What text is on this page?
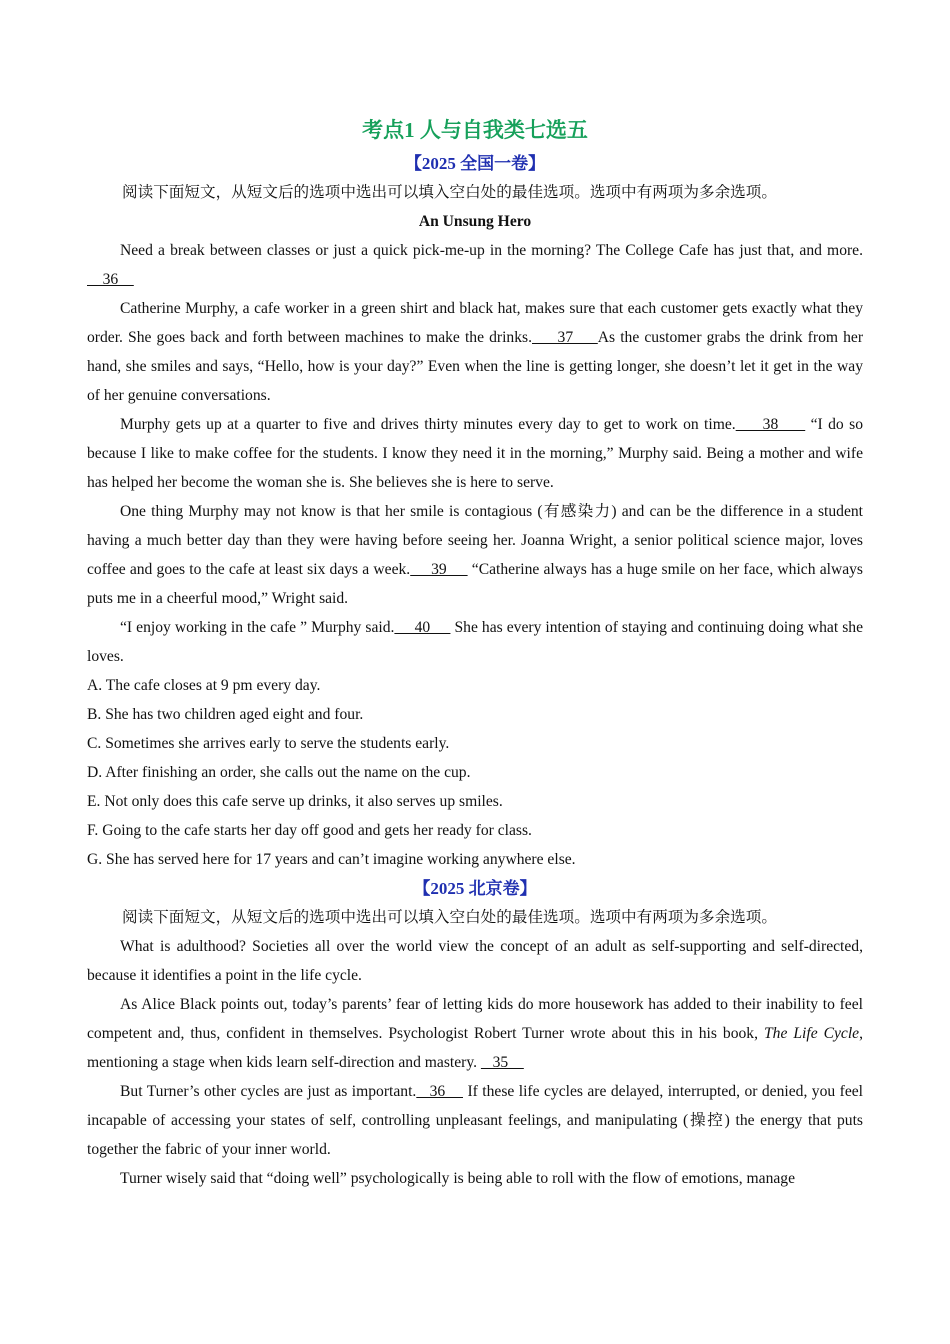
考点1 人与自我类七选五
【2025 全国一卷】

阅读下面短文，从短文后的选项中选出可以填入空白处的最佳选项。选项中有两项为多余选项。

An Unsung Hero

Need a break between classes or just a quick pick-me-up in the morning? The College Cafe has just that, and more.     36

Catherine Murphy, a cafe worker in a green shirt and black hat, makes sure that each customer gets exactly what they order. She goes back and forth between machines to make the drinks.     37     As the customer grabs the drink from her hand, she smiles and says, “Hello, how is your day?” Even when the line is getting longer, she doesn’t let it get in the way of her genuine conversations.

Murphy gets up at a quarter to five and drives thirty minutes every day to get to work on time.     38      “I do so because I like to make coffee for the students. I know they need it in the morning,” Murphy said. Being a mother and wife has helped her become the woman she is. She believes she is here to serve.

One thing Murphy may not know is that her smile is contagious (有感染力) and can be the difference in a student having a much better day than they were having before seeing her. Joanna Wright, a senior political science major, loves coffee and goes to the cafe at least six days a week.     39      “Catherine always has a huge smile on her face, which always puts me in a cheerful mood,” Wright said.

“I enjoy working in the cafe ” Murphy said.     40      She has every intention of staying and continuing doing what she loves.

A. The cafe closes at 9 pm every day.

B. She has two children aged eight and four.

C. Sometimes she arrives early to serve the students early.

D. After finishing an order, she calls out the name on the cup.

E. Not only does this cafe serve up drinks, it also serves up smiles.

F. Going to the cafe starts her day off good and gets her ready for class.

G. She has served here for 17 years and can’t imagine working anywhere else.

【2025 北京卷】

阅读下面短文，从短文后的选项中选出可以填入空白处的最佳选项。选项中有两项为多余选项。

What is adulthood? Societies all over the world view the concept of an adult as self-supporting and self-directed, because it identifies a point in the life cycle.

As Alice Black points out, today’s parents’ fear of letting kids do more housework has added to their inability to feel competent and, thus, confident in themselves. Psychologist Robert Turner wrote about this in his book, The Life Cycle, mentioning a stage when kids learn self-direction and mastery.    35

But Turner’s other cycles are just as important.   36     If these life cycles are delayed, interrupted, or denied, you feel incapable of accessing your states of self, controlling unpleasant feelings, and manipulating (操控) the energy that puts together the fabric of your inner world.

Turner wisely said that “doing well” psychologically is being able to roll with the flow of emotions, manage
